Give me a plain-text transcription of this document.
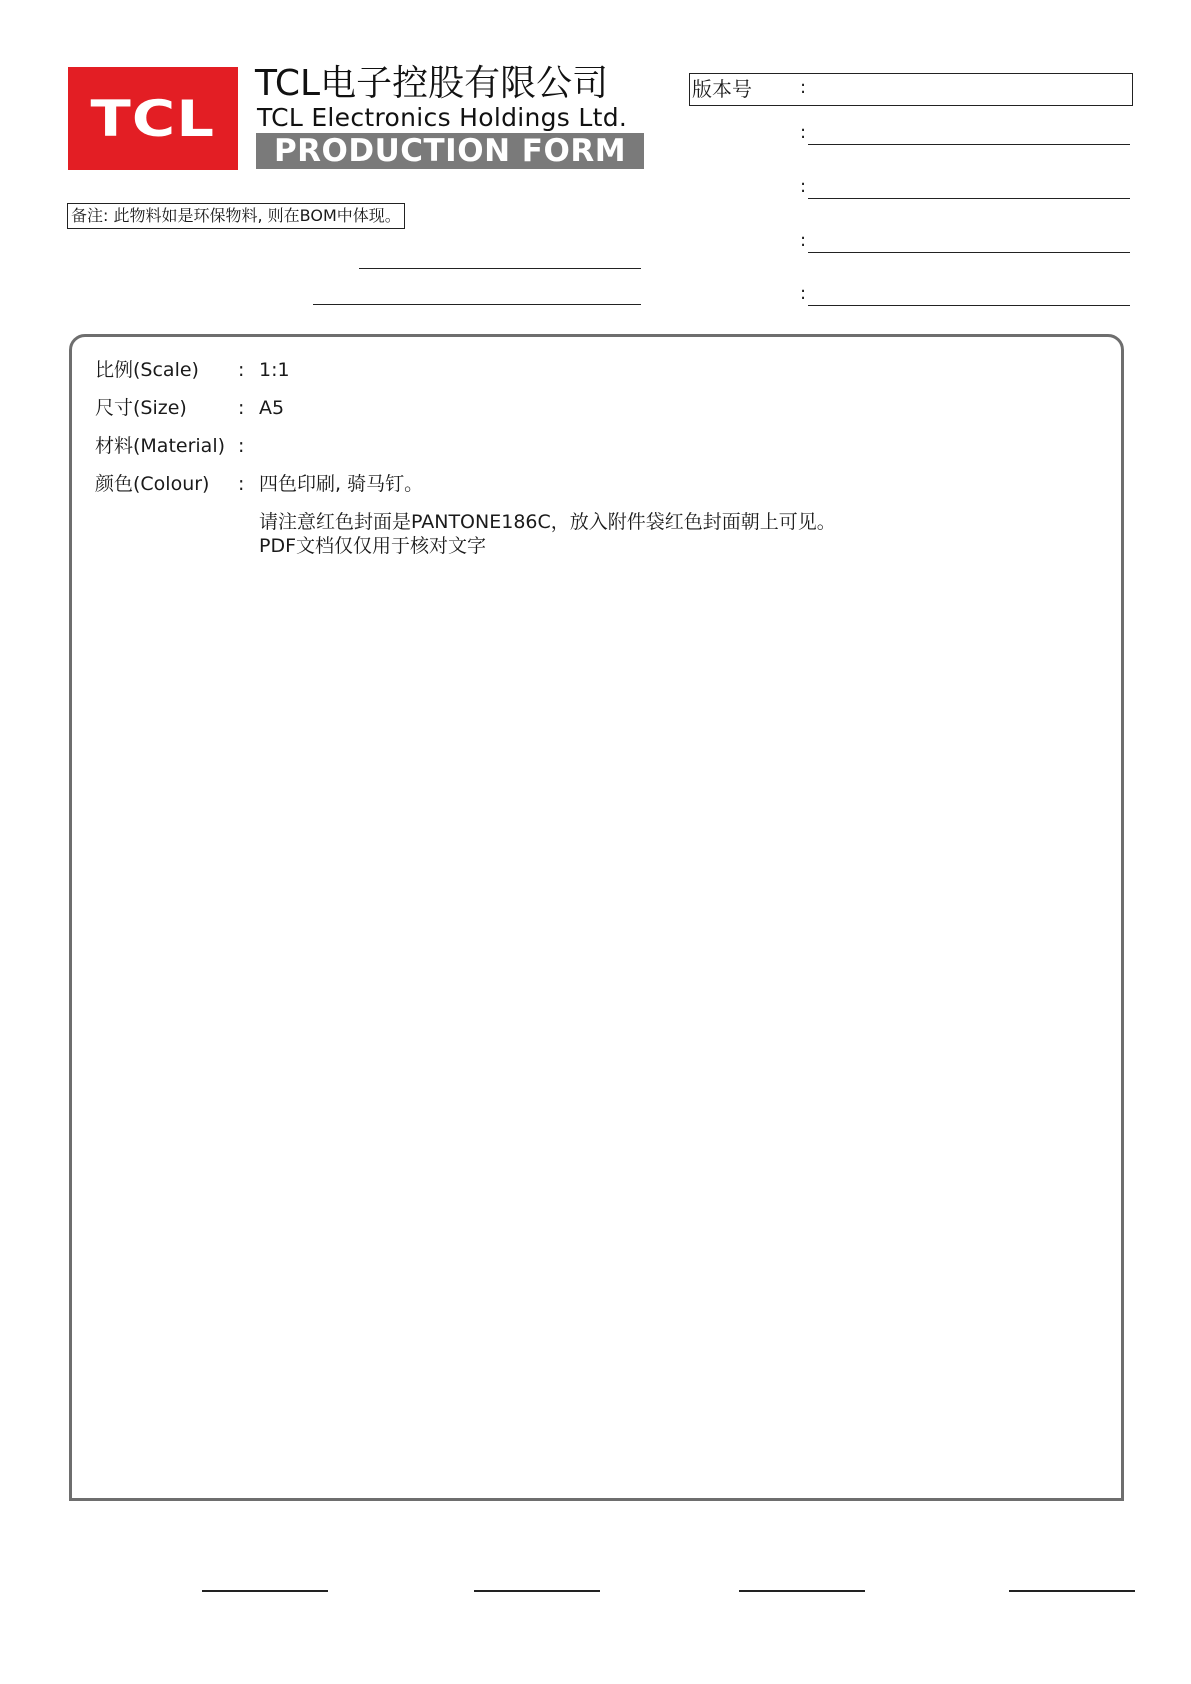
TCL
TCL电子控股有限公司
TCL Electronics Holdings Ltd.
PRODUCTION FORM
备注: 此物料如是环保物料, 则在BOM中体现。
版本号	:
:
:
:
:
比例(Scale) : 1:1
尺寸(Size)	: A5
材料(Material) :
颜色(Colour) : 四色印刷, 骑马钉。
请注意红色封面是PANTONE186C，放入附件袋红色封面朝上可见。
PDF文档仅仅用于核对文字
